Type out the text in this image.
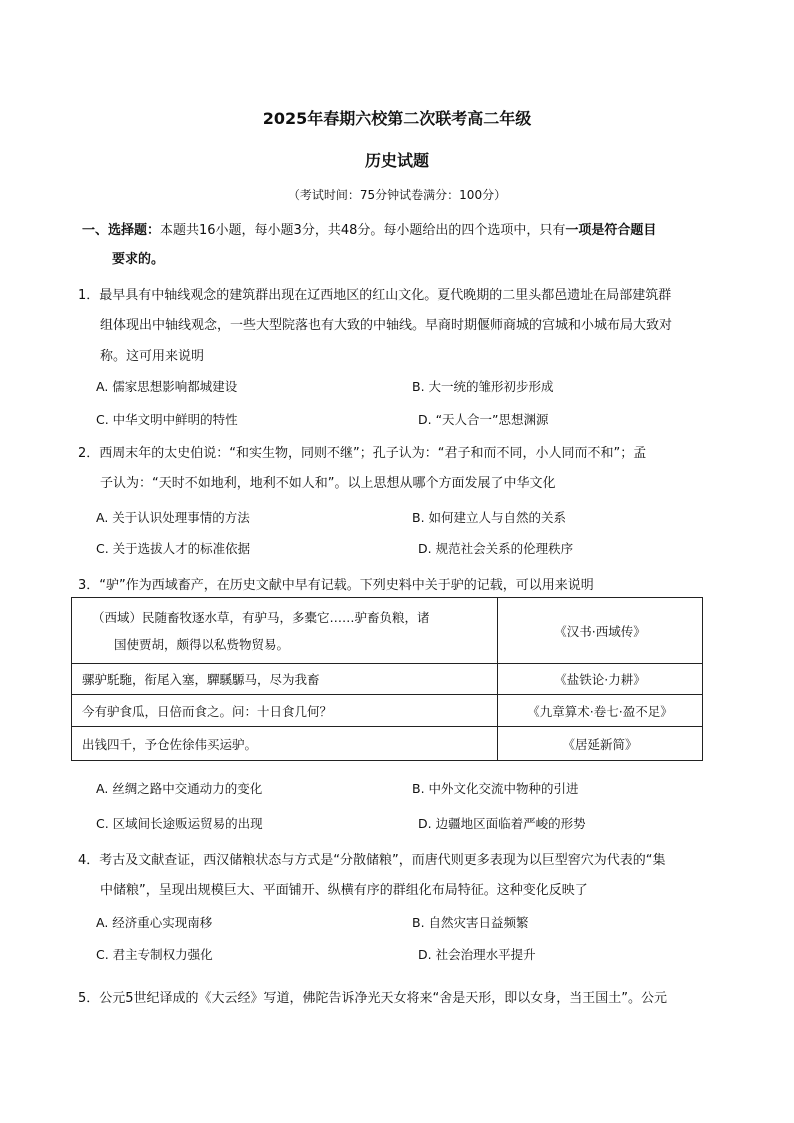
2025年春期六校第二次联考高二年级
历史试题
（考试时间：75分钟试卷满分：100分）
一、选择题：本题共16小题，每小题3分，共48分。每小题给出的四个选项中，只有一项是符合题目
要求的。
1．最早具有中轴线观念的建筑群出现在辽西地区的红山文化。夏代晚期的二里头都邑遗址在局部建筑群
组体现出中轴线观念，一些大型院落也有大致的中轴线。早商时期偃师商城的宫城和小城布局大致对
称。这可用来说明
A. 儒家思想影响都城建设	B. 大一统的雏形初步形成
C. 中华文明中鲜明的特性	D. “天人合一”思想渊源
2．西周末年的太史伯说：“和实生物，同则不继”；孔子认为：“君子和而不同，小人同而不和”；孟
子认为：“天时不如地利，地利不如人和”。以上思想从哪个方面发展了中华文化
A. 关于认识处理事情的方法	B. 如何建立人与自然的关系
C. 关于选拔人才的标准依据	D. 规范社会关系的伦理秩序
3．“驴”作为西域畜产，在历史文献中早有记载。下列史料中关于驴的记载，可以用来说明
（西域）民随畜牧逐水草，有驴马，多橐它……驴畜负粮，诸
国使贾胡，颇得以私赀物贸易。	《汉书·西域传》
骡驴馲駞，衔尾入塞，驒騱騵马，尽为我畜	《盐铁论·力耕》
今有驴食瓜，日倍而食之。问：十日食几何？	《九章算术·卷七·盈不足》
出钱四千，予仓佐徐伟买运驴。	《居延新简》
A. 丝绸之路中交通动力的变化	B. 中外文化交流中物种的引进
C. 区域间长途贩运贸易的出现	D. 边疆地区面临着严峻的形势
4．考古及文献查证，西汉储粮状态与方式是“分散储粮”，而唐代则更多表现为以巨型窖穴为代表的“集
中储粮”，呈现出规模巨大、平面铺开、纵横有序的群组化布局特征。这种变化反映了
A. 经济重心实现南移	B. 自然灾害日益频繁
C. 君主专制权力强化	D. 社会治理水平提升
5．公元5世纪译成的《大云经》写道，佛陀告诉净光天女将来“舍是天形，即以女身，当王国土”。公元
